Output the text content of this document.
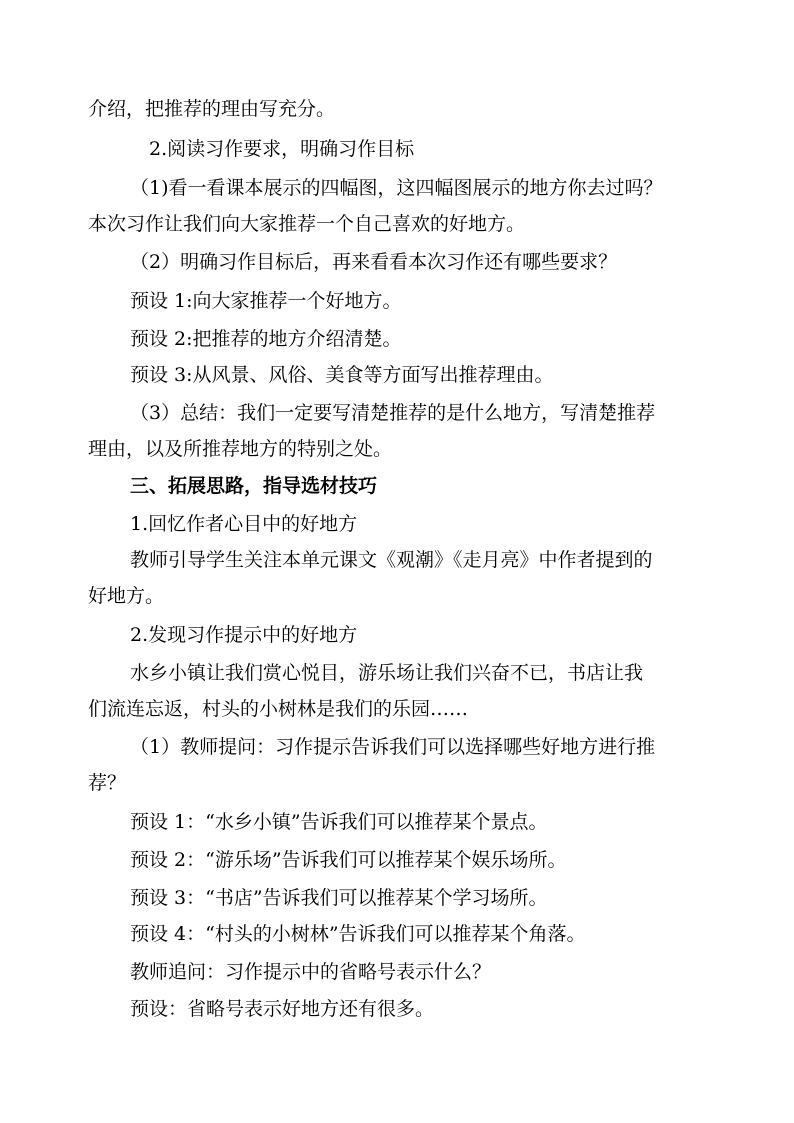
介绍，把推荐的理由写充分。
2.阅读习作要求，明确习作目标
（1)看一看课本展示的四幅图，这四幅图展示的地方你去过吗？
本次习作让我们向大家推荐一个自己喜欢的好地方。
（2）明确习作目标后，再来看看本次习作还有哪些要求？
预设 1:向大家推荐一个好地方。
预设 2:把推荐的地方介绍清楚。
预设 3:从风景、风俗、美食等方面写出推荐理由。
（3）总结：我们一定要写清楚推荐的是什么地方，写清楚推荐
理由，以及所推荐地方的特别之处。
三、拓展思路，指导选材技巧
1.回忆作者心目中的好地方
教师引导学生关注本单元课文《观潮》《走月亮》中作者提到的
好地方。
2.发现习作提示中的好地方
水乡小镇让我们赏心悦目，游乐场让我们兴奋不已，书店让我
们流连忘返，村头的小树林是我们的乐园……
（1）教师提问：习作提示告诉我们可以选择哪些好地方进行推
荐？
预设 1：“水乡小镇”告诉我们可以推荐某个景点。
预设 2：“游乐场”告诉我们可以推荐某个娱乐场所。
预设 3：“书店”告诉我们可以推荐某个学习场所。
预设 4：“村头的小树林”告诉我们可以推荐某个角落。
教师追问：习作提示中的省略号表示什么？
预设：省略号表示好地方还有很多。
